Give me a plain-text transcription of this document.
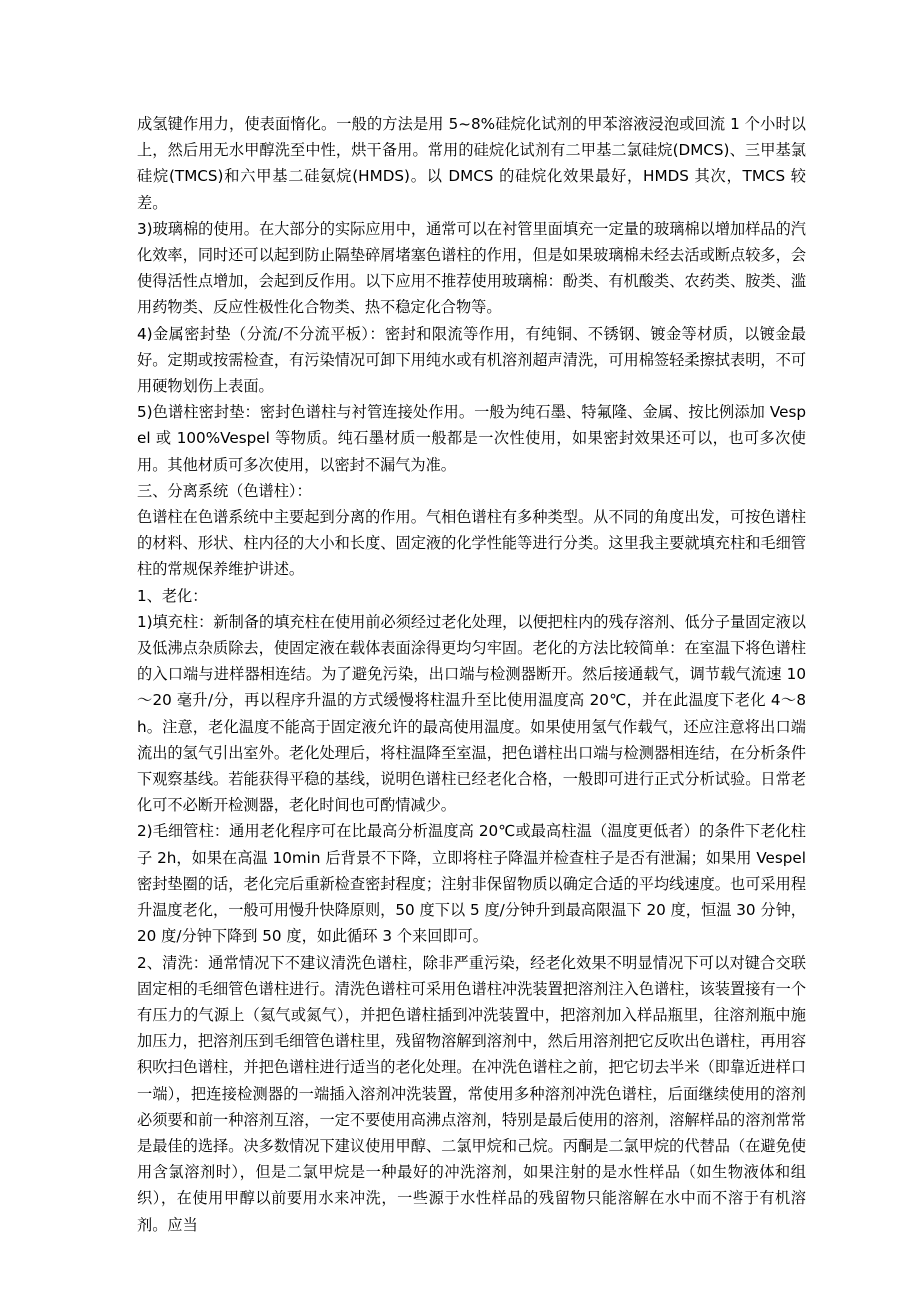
成氢键作用力，使表面惰化。一般的方法是用 5~8%硅烷化试剂的甲苯溶液浸泡或回流 1 个小时以上，然后用无水甲醇洗至中性，烘干备用。常用的硅烷化试剂有二甲基二氯硅烷(DMCS)、三甲基氯硅烷(TMCS)和六甲基二硅氨烷(HMDS)。以 DMCS 的硅烷化效果最好，HMDS 其次，TMCS 较差。

3)玻璃棉的使用。在大部分的实际应用中，通常可以在衬管里面填充一定量的玻璃棉以增加样品的汽化效率，同时还可以起到防止隔垫碎屑堵塞色谱柱的作用，但是如果玻璃棉未经去活或断点较多，会使得活性点增加，会起到反作用。以下应用不推荐使用玻璃棉：酚类、有机酸类、农药类、胺类、滥用药物类、反应性极性化合物类、热不稳定化合物等。

4)金属密封垫（分流/不分流平板）：密封和限流等作用，有纯铜、不锈钢、镀金等材质，以镀金最好。定期或按需检查，有污染情况可卸下用纯水或有机溶剂超声清洗，可用棉签轻柔擦拭表明，不可用硬物划伤上表面。

5)色谱柱密封垫：密封色谱柱与衬管连接处作用。一般为纯石墨、特氟隆、金属、按比例添加 Vespel 或 100%Vespel 等物质。纯石墨材质一般都是一次性使用，如果密封效果还可以，也可多次使用。其他材质可多次使用，以密封不漏气为准。

三、分离系统（色谱柱）：

色谱柱在色谱系统中主要起到分离的作用。气相色谱柱有多种类型。从不同的角度出发，可按色谱柱的材料、形状、柱内径的大小和长度、固定液的化学性能等进行分类。这里我主要就填充柱和毛细管柱的常规保养维护讲述。

1、老化：

1)填充柱：新制备的填充柱在使用前必须经过老化处理，以便把柱内的残存溶剂、低分子量固定液以及低沸点杂质除去，使固定液在载体表面涂得更均匀牢固。老化的方法比较简单：在室温下将色谱柱的入口端与进样器相连结。为了避免污染，出口端与检测器断开。然后接通载气，调节载气流速 10～20 毫升/分，再以程序升温的方式缓慢将柱温升至比使用温度高 20℃，并在此温度下老化 4～8 h。注意，老化温度不能高于固定液允许的最高使用温度。如果使用氢气作载气，还应注意将出口端流出的氢气引出室外。老化处理后，将柱温降至室温，把色谱柱出口端与检测器相连结，在分析条件下观察基线。若能获得平稳的基线，说明色谱柱已经老化合格，一般即可进行正式分析试验。日常老化可不必断开检测器，老化时间也可酌情减少。

2)毛细管柱：通用老化程序可在比最高分析温度高 20℃或最高柱温（温度更低者）的条件下老化柱子 2h，如果在高温 10min 后背景不下降，立即将柱子降温并检查柱子是否有泄漏；如果用 Vespel 密封垫圈的话，老化完后重新检查密封程度；注射非保留物质以确定合适的平均线速度。也可采用程升温度老化，一般可用慢升快降原则，50 度下以 5 度/分钟升到最高限温下 20 度，恒温 30 分钟，20 度/分钟下降到 50 度，如此循环 3 个来回即可。

2、清洗：通常情况下不建议清洗色谱柱，除非严重污染，经老化效果不明显情况下可以对键合交联固定相的毛细管色谱柱进行。清洗色谱柱可采用色谱柱冲洗装置把溶剂注入色谱柱，该装置接有一个有压力的气源上（氦气或氮气），并把色谱柱插到冲洗装置中，把溶剂加入样品瓶里，往溶剂瓶中施加压力，把溶剂压到毛细管色谱柱里，残留物溶解到溶剂中，然后用溶剂把它反吹出色谱柱，再用容积吹扫色谱柱，并把色谱柱进行适当的老化处理。在冲洗色谱柱之前，把它切去半米（即靠近进样口一端），把连接检测器的一端插入溶剂冲洗装置，常使用多种溶剂冲洗色谱柱，后面继续使用的溶剂必须要和前一种溶剂互溶，一定不要使用高沸点溶剂，特别是最后使用的溶剂，溶解样品的溶剂常常是最佳的选择。决多数情况下建议使用甲醇、二氯甲烷和己烷。丙酮是二氯甲烷的代替品（在避免使用含氯溶剂时），但是二氯甲烷是一种最好的冲洗溶剂，如果注射的是水性样品（如生物液体和组织），在使用甲醇以前要用水来冲洗，一些源于水性样品的残留物只能溶解在水中而不溶于有机溶剂。应当
